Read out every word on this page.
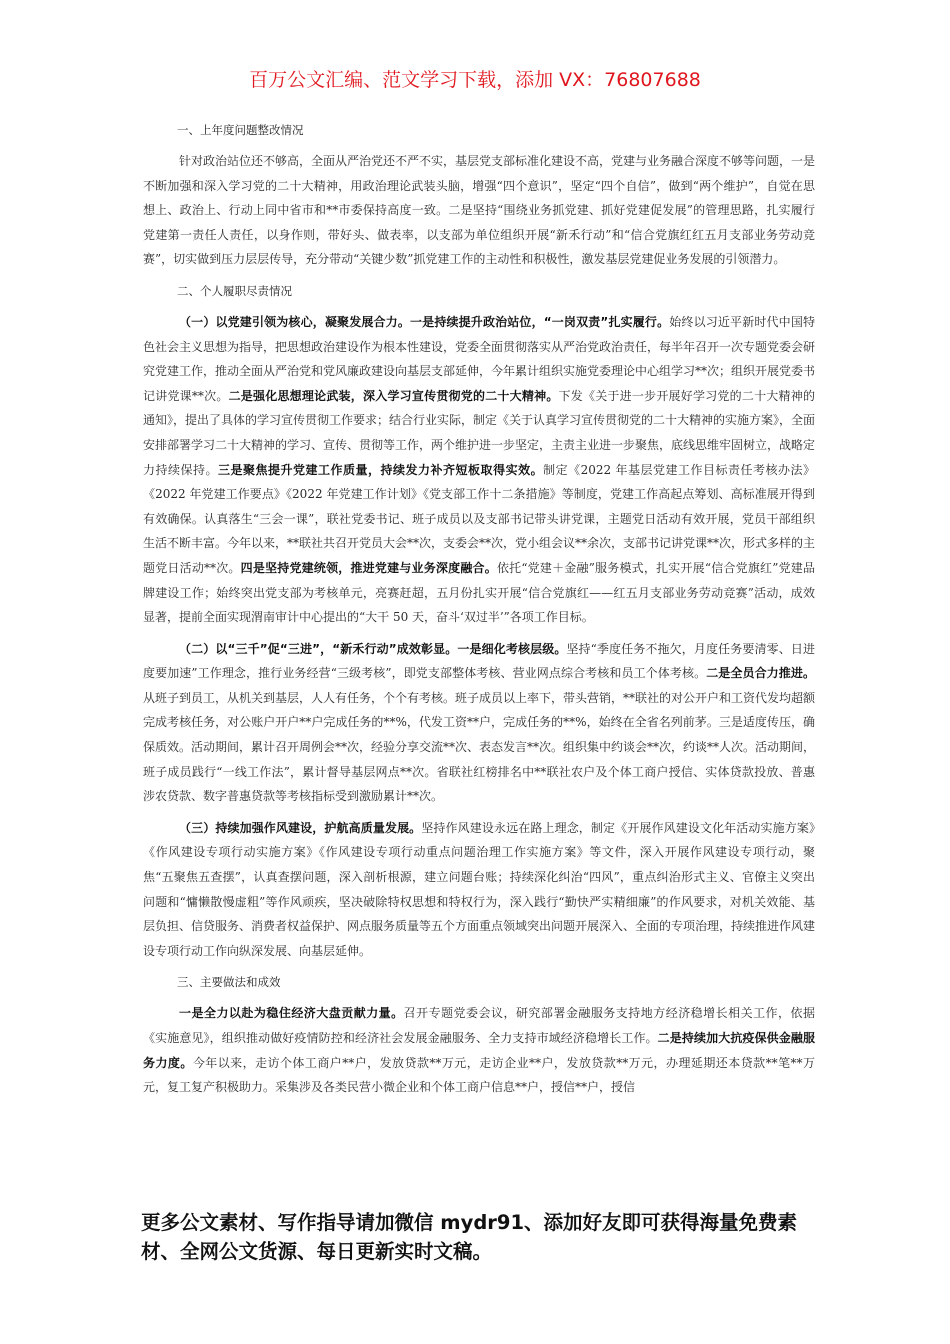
百万公文汇编、范文学习下载，添加 VX：76807688
一、上年度问题整改情况

针对政治站位还不够高，全面从严治党还不严不实，基层党支部标准化建设不高，党建与业务融合深度不够等问题，一是不断加强和深入学习党的二十大精神，用政治理论武装头脑，增强“四个意识”，坚定“四个自信”，做到“两个维护”，自觉在思想上、政治上、行动上同中省市和**市委保持高度一致。二是坚持“围绕业务抓党建、抓好党建促发展”的管理思路，扎实履行党建第一责任人责任，以身作则，带好头、做表率，以支部为单位组织开展“新禾行动”和“信合党旗红红五月支部业务劳动竞赛”，切实做到压力层层传导，充分带动“关键少数”抓党建工作的主动性和积极性，激发基层党建促业务发展的引领潜力。

二、个人履职尽责情况

（一）以党建引领为核心，凝聚发展合力。一是持续提升政治站位，“一岗双责”扎实履行。始终以习近平新时代中国特色社会主义思想为指导，把思想政治建设作为根本性建设，党委全面贯彻落实从严治党政治责任，每半年召开一次专题党委会研究党建工作，推动全面从严治党和党风廉政建设向基层支部延伸，今年累计组织实施党委理论中心组学习**次；组织开展党委书记讲党课**次。二是强化思想理论武装，深入学习宣传贯彻党的二十大精神。下发《关于进一步开展好学习党的二十大精神的通知》，提出了具体的学习宣传贯彻工作要求；结合行业实际，制定《关于认真学习宣传贯彻党的二十大精神的实施方案》，全面安排部署学习二十大精神的学习、宣传、贯彻等工作，两个维护进一步坚定，主责主业进一步聚焦，底线思维牢固树立，战略定力持续保持。三是聚焦提升党建工作质量，持续发力补齐短板取得实效。制定《2022 年基层党建工作目标责任考核办法》《2022 年党建工作要点》《2022 年党建工作计划》《党支部工作十二条措施》等制度，党建工作高起点筹划、高标准展开得到有效确保。认真落生“三会一课”，联社党委书记、班子成员以及支部书记带头讲党课，主题党日活动有效开展，党员干部组织生活不断丰富。今年以来，**联社共召开党员大会**次，支委会**次，党小组会议**余次，支部书记讲党课**次，形式多样的主题党日活动**次。四是坚持党建统领，推进党建与业务深度融合。依托“党建＋金融”服务模式，扎实开展“信合党旗红”党建品牌建设工作；始终突出党支部为考核单元，亮赛赶超，五月份扎实开展“信合党旗红——红五月支部业务劳动竞赛”活动，成效显著，提前全面实现渭南审计中心提出的“大干 50 天，奋斗‘双过半’”各项工作目标。

（二）以“三千”促“三进”，“新禾行动”成效彰显。一是细化考核层级。坚持“季度任务不拖欠，月度任务要清零、日进度要加速”工作理念，推行业务经营“三级考核”，即党支部整体考核、营业网点综合考核和员工个体考核。二是全员合力推进。从班子到员工，从机关到基层，人人有任务，个个有考核。班子成员以上率下，带头营销，**联社的对公开户和工资代发均超额完成考核任务，对公账户开户**户完成任务的**%，代发工资**户，完成任务的**%，始终在全省名列前茅。三是适度传压，确保质效。活动期间，累计召开周例会**次，经验分享交流**次、表态发言**次。组织集中约谈会**次，约谈**人次。活动期间，班子成员践行“一线工作法”，累计督导基层网点**次。省联社红榜排名中**联社农户及个体工商户授信、实体贷款投放、普惠涉农贷款、数字普惠贷款等考核指标受到激励累计**次。

（三）持续加强作风建设，护航高质量发展。坚持作风建设永远在路上理念，制定《开展作风建设文化年活动实施方案》《作风建设专项行动实施方案》《作风建设专项行动重点问题治理工作实施方案》等文件，深入开展作风建设专项行动，聚焦“五聚焦五查摆”，认真查摆问题，深入剖析根源，建立问题台账；持续深化纠治“四风”，重点纠治形式主义、官僚主义突出问题和“慵懒散慢虚粗”等作风顽疾，坚决破除特权思想和特权行为，深入践行“勤快严实精细廉”的作风要求，对机关效能、基层负担、信贷服务、消费者权益保护、网点服务质量等五个方面重点领域突出问题开展深入、全面的专项治理，持续推进作风建设专项行动工作向纵深发展、向基层延伸。

三、主要做法和成效

一是全力以赴为稳住经济大盘贡献力量。召开专题党委会议，研究部署金融服务支持地方经济稳增长相关工作，依据《实施意见》，组织推动做好疫情防控和经济社会发展金融服务、全力支持市域经济稳增长工作。二是持续加大抗疫保供金融服务力度。今年以来，走访个体工商户**户，发放贷款**万元，走访企业**户，发放贷款**万元，办理延期还本贷款**笔**万元，复工复产积极助力。采集涉及各类民营小微企业和个体工商户信息**户，授信**户，授信

更多公文素材、写作指导请加微信 mydr91、添加好友即可获得海量免费素材、全网公文货源、每日更新实时文稿。
